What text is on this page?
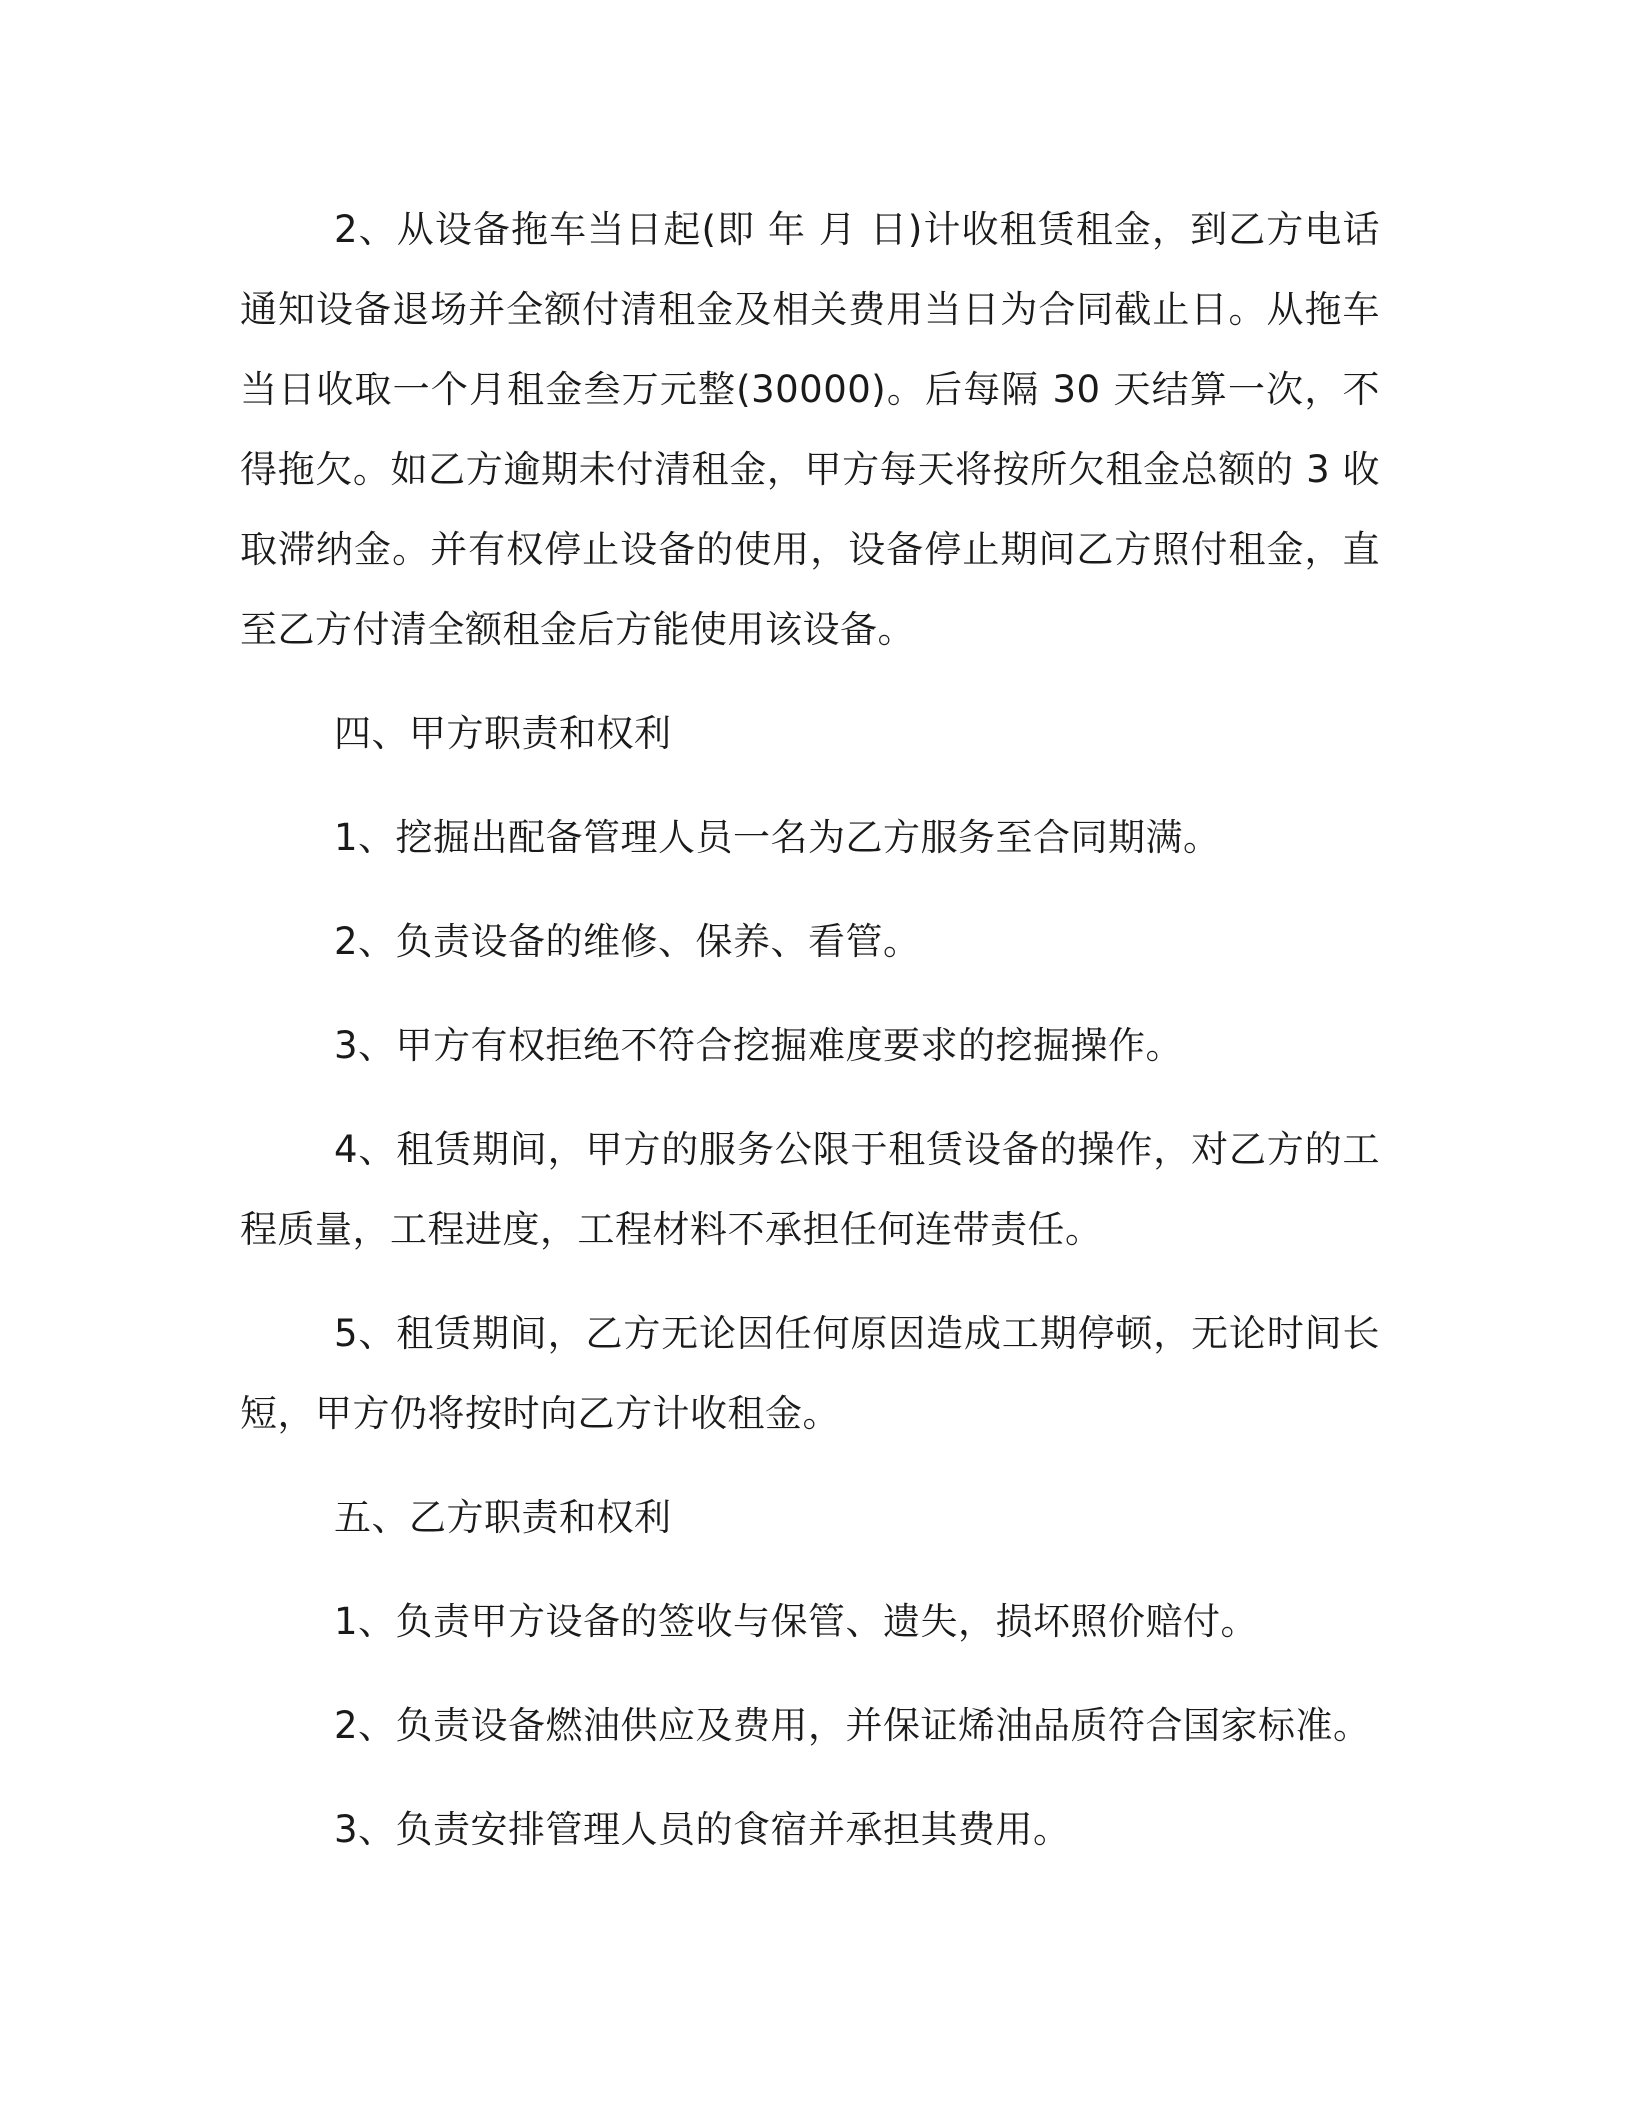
2、从设备拖车当日起(即 年 月 日)计收租赁租金，到乙方电话通知设备退场并全额付清租金及相关费用当日为合同截止日。从拖车当日收取一个月租金叁万元整(30000)。后每隔 30 天结算一次，不得拖欠。如乙方逾期未付清租金，甲方每天将按所欠租金总额的 3 收取滞纳金。并有权停止设备的使用，设备停止期间乙方照付租金，直至乙方付清全额租金后方能使用该设备。

四、甲方职责和权利

1、挖掘出配备管理人员一名为乙方服务至合同期满。

2、负责设备的维修、保养、看管。

3、甲方有权拒绝不符合挖掘难度要求的挖掘操作。

4、租赁期间，甲方的服务公限于租赁设备的操作，对乙方的工程质量，工程进度，工程材料不承担任何连带责任。

5、租赁期间，乙方无论因任何原因造成工期停顿，无论时间长短，甲方仍将按时向乙方计收租金。

五、乙方职责和权利

1、负责甲方设备的签收与保管、遗失，损坏照价赔付。

2、负责设备燃油供应及费用，并保证烯油品质符合国家标准。

3、负责安排管理人员的食宿并承担其费用。
